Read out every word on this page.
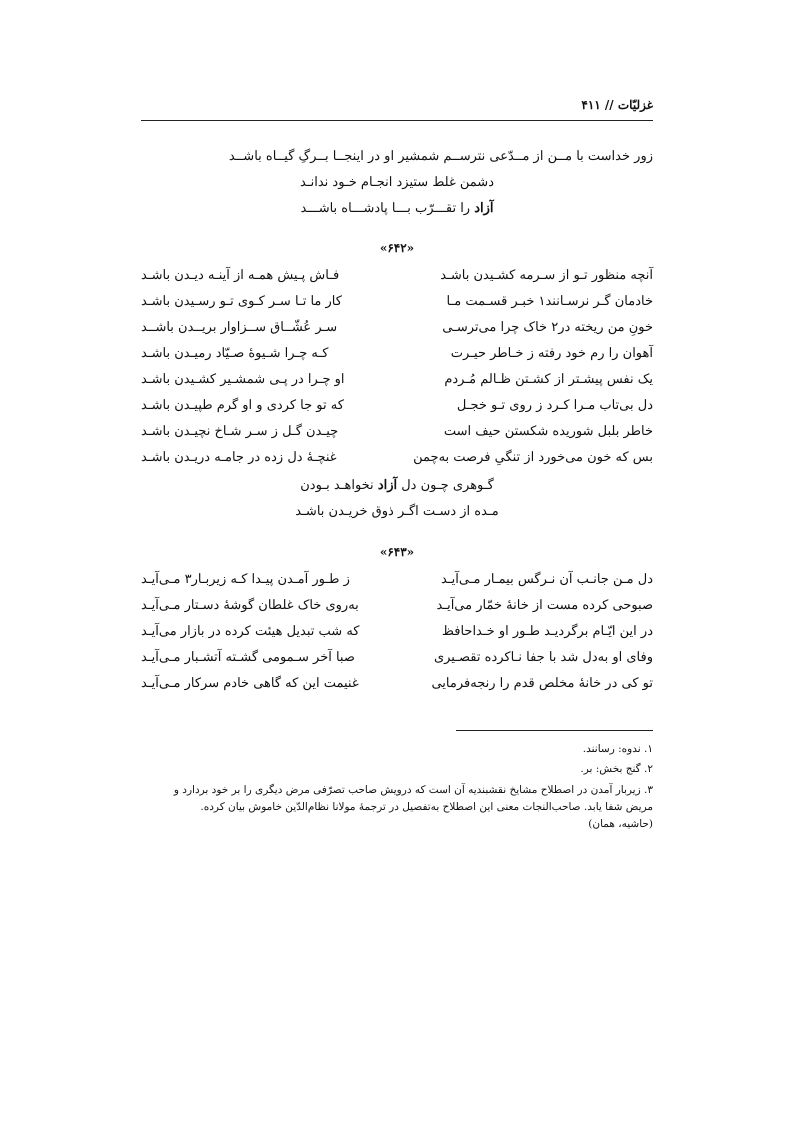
غزلیّات // ۴۱۱
زور خداست با مــن از مــدّعی نترســم شمشیر او در اینجــا بــرگِ گیــاه باشــد
دشمن غلط ستیزد انجـام خـود ندانـد
آزاد را تقـــرّب بـــا پادشـــاه باشـــد
«۶۴۲»
آنچه منظور تـو از سـرمه کشـیدن باشـد
فـاش پـیش همـه از آینـه دیـدن باشـد
خادمان گـر نرسـانند۱ خبـر قسـمت مـا
کار ما تـا سـر کـوی تـو رسـیدن باشـد
خونِ من ریخته در۲ خاک چرا می‌ترسـی
سـر عُشّــاق ســزاوار بریــدن باشــد
آهوان را رم خود رفته ز خـاطر حیـرت
کـه چـرا شـیوۀ صـیّاد رمیـدن باشـد
یک نفس پیشـتر از کشـتن ظـالم مُـردم
او چـرا در پـی شمشـیر کشـیدن باشـد
دل بی‌تاب مـرا کـرد ز روی تـو خجـل
که تو جا کردی و او گرم طپیـدن باشـد
خاطر بلبل شوریده شکستن حیف است
چیـدن گـل ز سـر شـاخ نچیـدن باشـد
بس که خون می‌خورد از تنگیِ فرصت به‌چمن
غنچـۀ دل زده در جامـه دریـدن باشـد
گـوهری چـون دل آزاد نخواهـد بـودن
مـده از دسـت اگـر ذوق خریـدن باشـد
«۶۴۳»
دل مـن جانـب آن نـرگس بیمـار مـی‌آیـد
ز طـور آمـدن پیـدا کـه زیربـار۳ مـی‌آیـد
صبوحی کرده مست از خانۀ خمّار می‌آیـد
به‌روی خاک غلطان گوشۀ دسـتار مـی‌آیـد
در این ایّـام برگردیـد طـور او خـداحافظ
که شب تبدیل هیئت کرده در بازار می‌آیـد
وفای او به‌دل شد با جفا نـاکرده تقصـیری
صبا آخر سـمومی گشـته آتشـبار مـی‌آیـد
تو کی در خانۀ مخلص قدم را رنجه‌فرمایی
غنیمت این که گاهی خادم سرکار مـی‌آیـد
۱. ندوه: رسانند.
۲. گنج بخش: بر.
۳. زیربار آمدن در اصطلاح مشایخ نقشبندیه آن است که درویش صاحب تصرّفی مرض دیگری را بر خود بردارد و
مریض شفا یابد. صاحب‌النجات معنی این اصطلاح به‌تفصیل در ترجمۀ مولانا نظام‌الدّین خاموش بیان کرده.
(حاشیه، همان)
